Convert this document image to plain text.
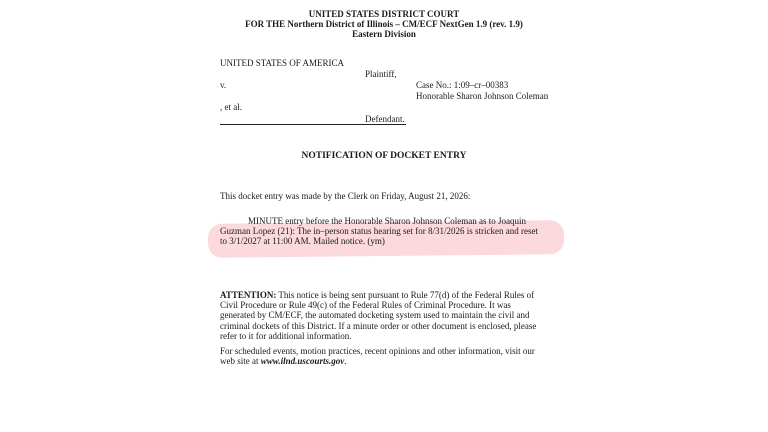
UNITED STATES DISTRICT COURT
FOR THE Northern District of Illinois – CM/ECF NextGen 1.9 (rev. 1.9)
Eastern Division
UNITED STATES OF AMERICA
Plaintiff,
v.	Case No.: 1:09–cr–00383
Honorable Sharon Johnson Coleman
, et al.
Defendant.
NOTIFICATION OF DOCKET ENTRY
This docket entry was made by the Clerk on Friday, August 21, 2026:
MINUTE entry before the Honorable Sharon Johnson Coleman as to Joaquin
Guzman Lopez (21): The in–person status hearing set for 8/31/2026 is stricken and reset
to 3/1/2027 at 11:00 AM. Mailed notice. (ym)
ATTENTION: This notice is being sent pursuant to Rule 77(d) of the Federal Rules of
Civil Procedure or Rule 49(c) of the Federal Rules of Criminal Procedure. It was
generated by CM/ECF, the automated docketing system used to maintain the civil and
criminal dockets of this District. If a minute order or other document is enclosed, please
refer to it for additional information.
For scheduled events, motion practices, recent opinions and other information, visit our
web site at www.ilnd.uscourts.gov.
